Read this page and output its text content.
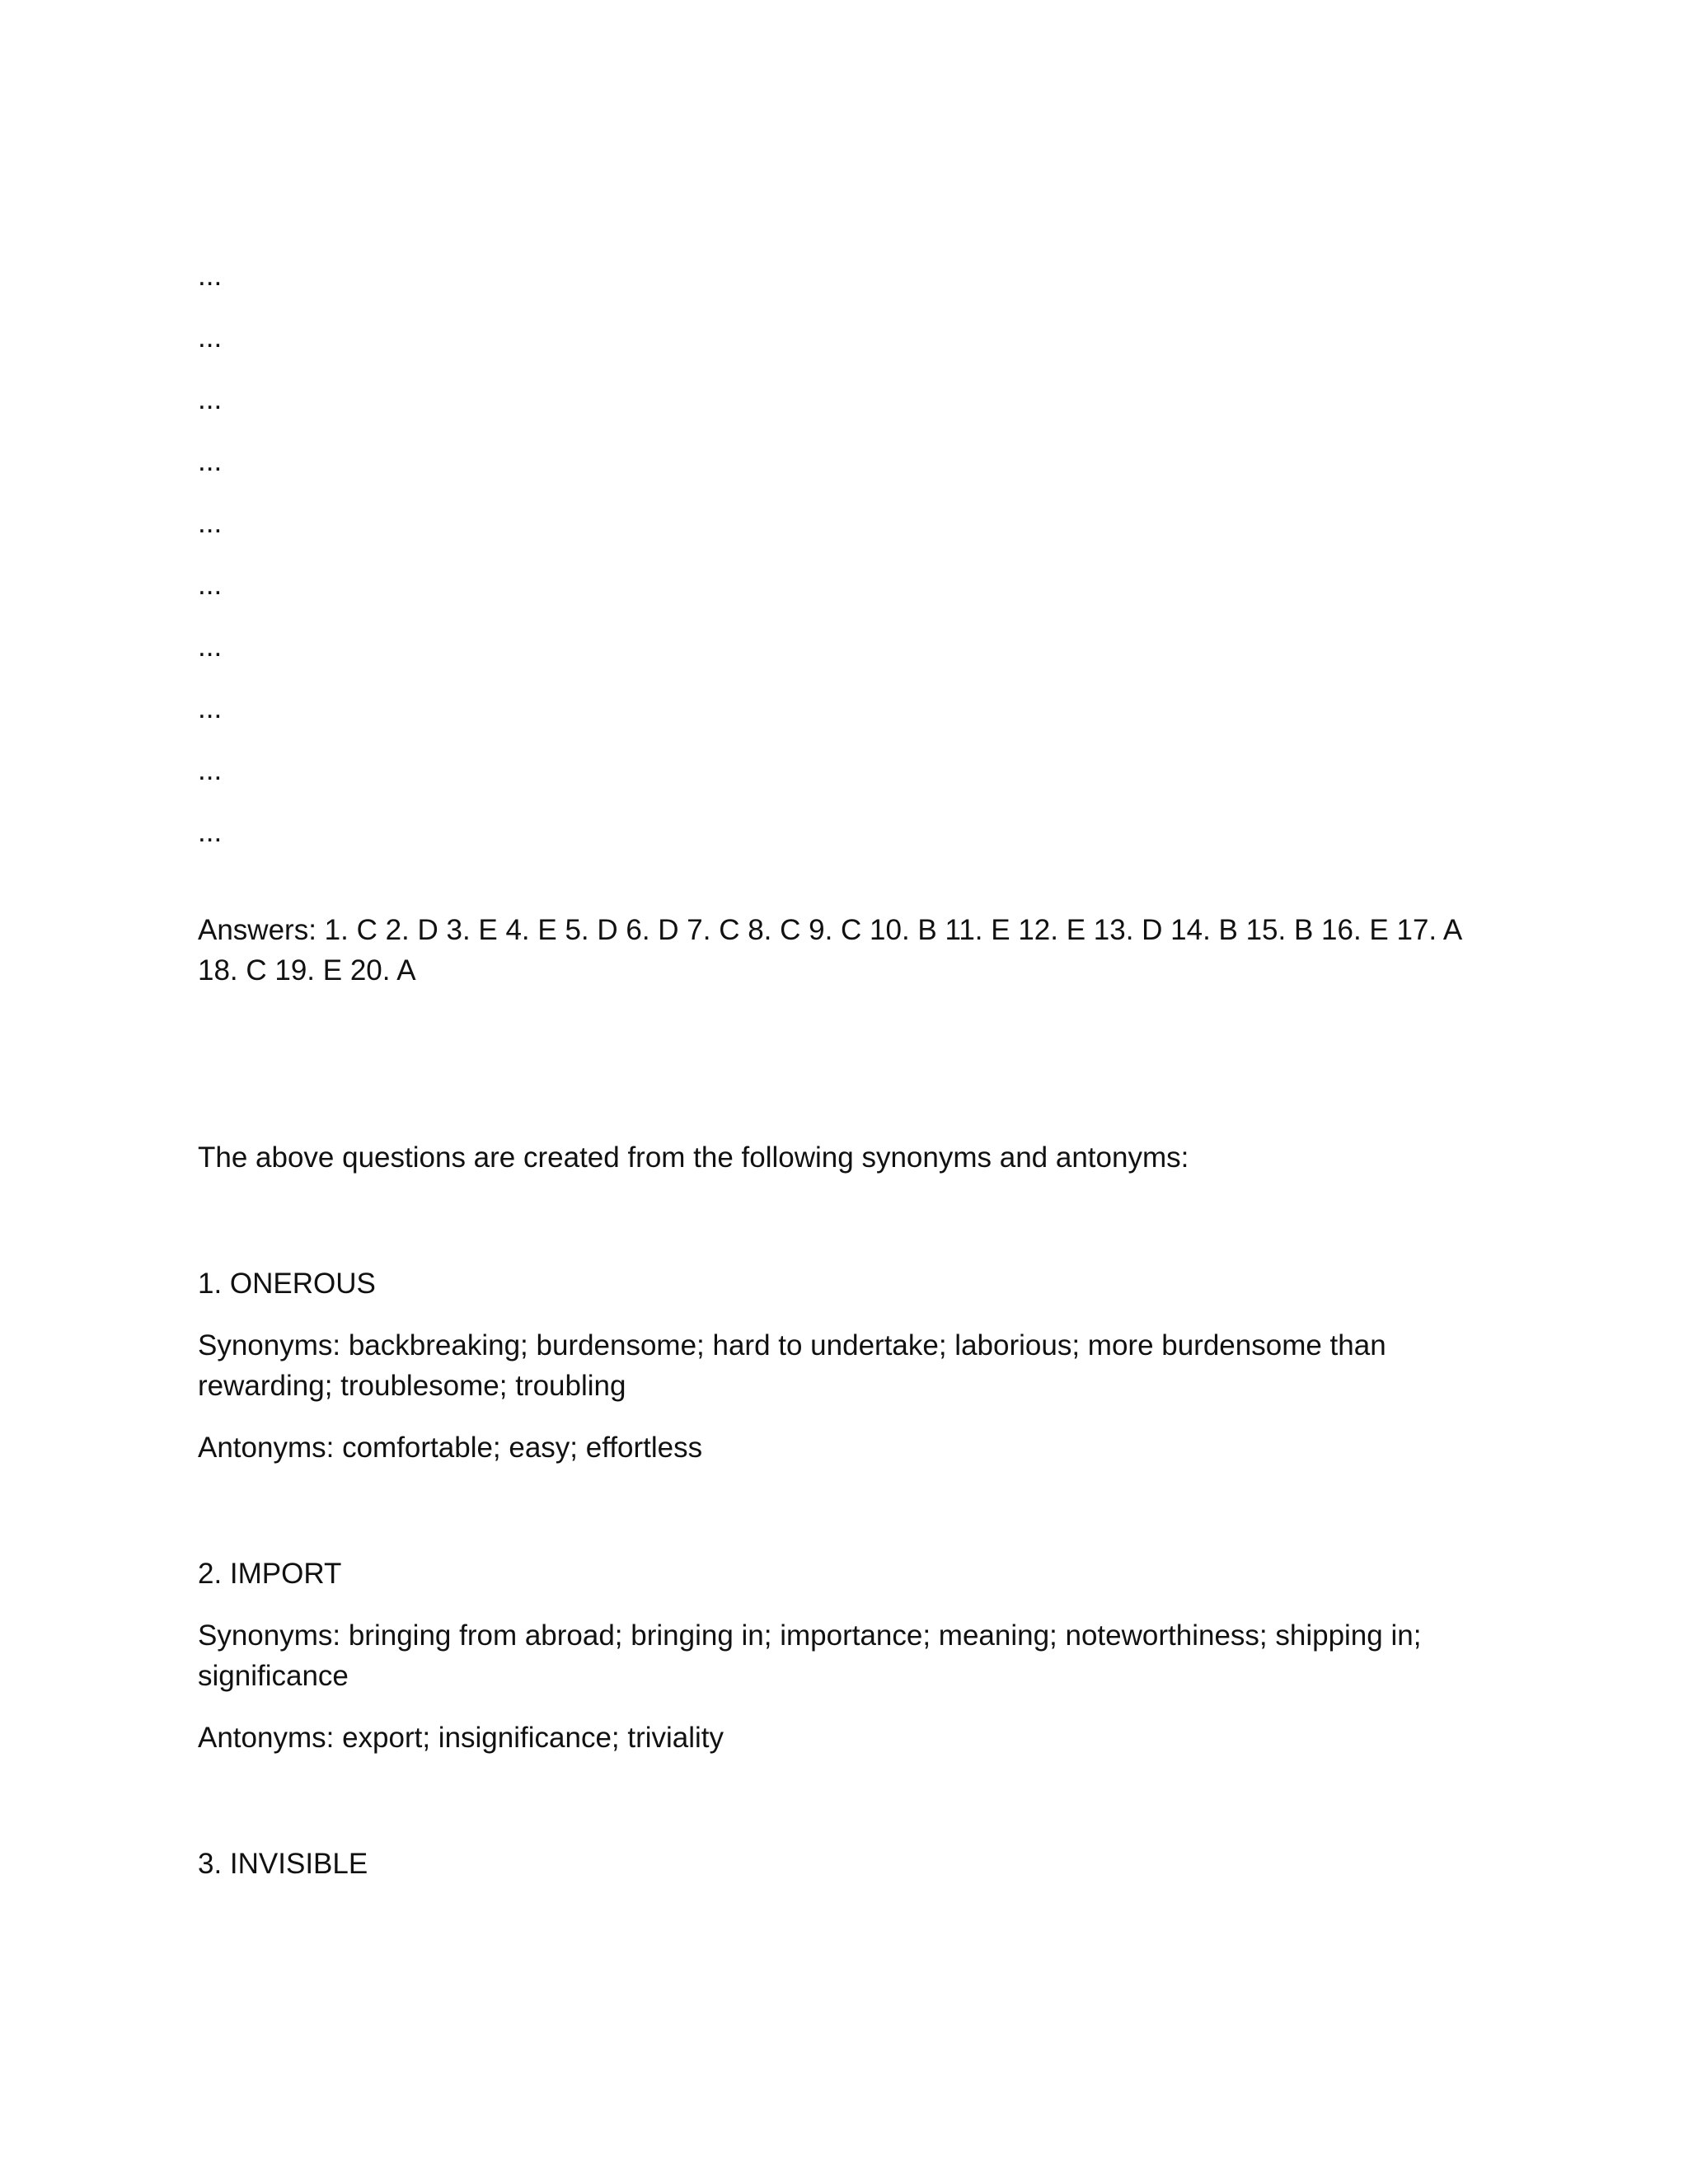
...
...
...
...
...
...
...
...
...
...

Answers: 1. C 2. D 3. E 4. E 5. D 6. D 7. C 8. C 9. C 10. B 11. E 12. E 13. D 14. B 15. B 16. E 17. A 18. C 19. E 20. A

The above questions are created from the following synonyms and antonyms:

1. ONEROUS

Synonyms: backbreaking; burdensome; hard to undertake; laborious; more burdensome than rewarding; troublesome; troubling

Antonyms: comfortable; easy; effortless

2. IMPORT

Synonyms: bringing from abroad; bringing in; importance; meaning; noteworthiness; shipping in; significance

Antonyms: export; insignificance; triviality

3. INVISIBLE
